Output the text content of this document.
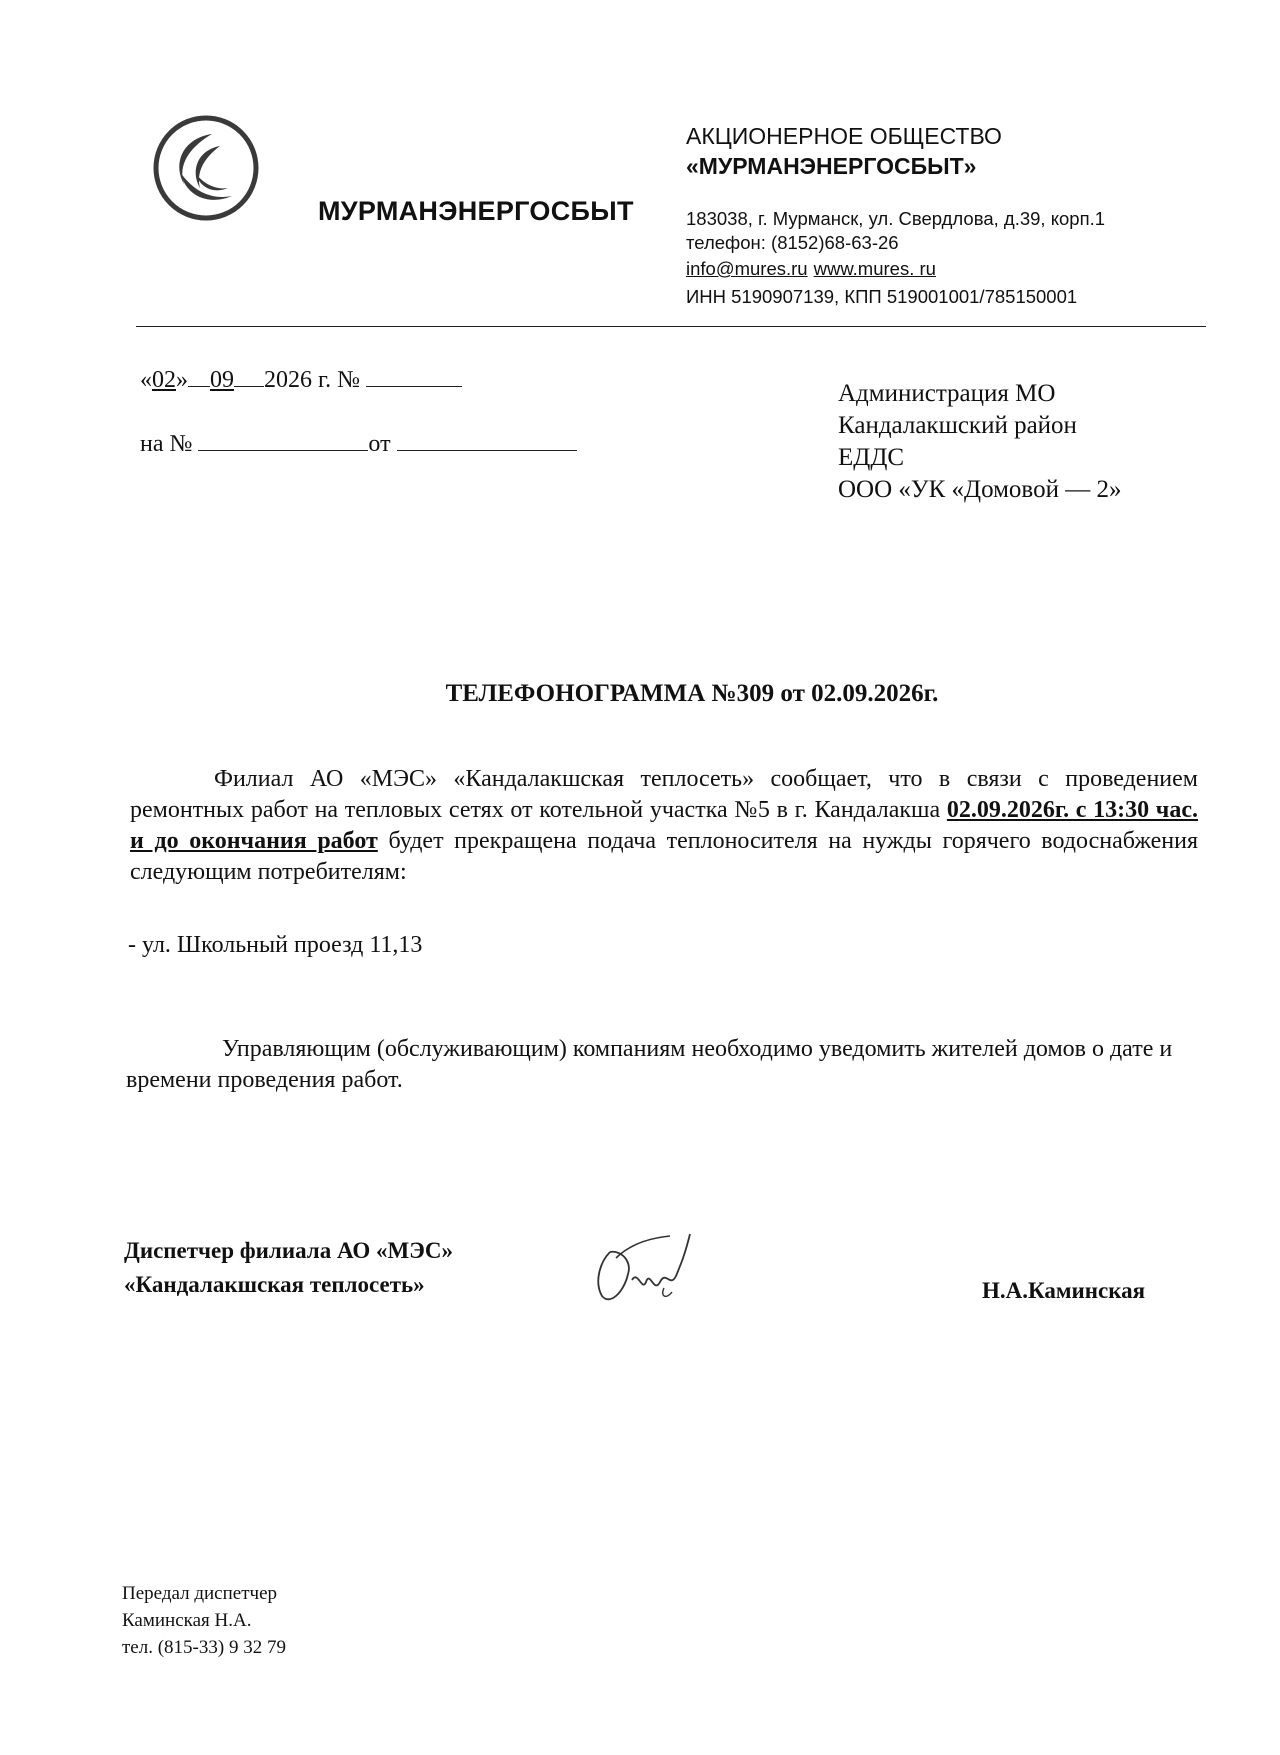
МУРМАНЭНЕРГОСБЫТ
АКЦИОНЕРНОЕ ОБЩЕСТВО
«МУРМАНЭНЕРГОСБЫТ»
183038, г. Мурманск, ул. Свердлова, д.39, корп.1
телефон: (8152)68-63-26
info@mures.ru www.mures. ru
ИНН 5190907139, КПП 519001001/785150001
«02» 09 2026 г. №
на №	от
Администрация МО
Кандалакшский район
ЕДДС
ООО «УК «Домовой — 2»
ТЕЛЕФОНОГРАММА №309 от 02.09.2026г.
Филиал АО «МЭС» «Кандалакшская теплосеть» сообщает, что в связи с проведением ремонтных работ на тепловых сетях от котельной участка №5 в г. Кандалакша 02.09.2026г. с 13:30 час. и до окончания работ будет прекращена подача теплоносителя на нужды горячего водоснабжения следующим потребителям:
- ул. Школьный проезд 11,13
Управляющим (обслуживающим) компаниям необходимо уведомить жителей домов о дате и времени проведения работ.
Диспетчер филиала АО «МЭС»
«Кандалакшская теплосеть»	Н.А.Каминская
Передал диспетчер
Каминская Н.А.
тел. (815-33) 9 32 79
